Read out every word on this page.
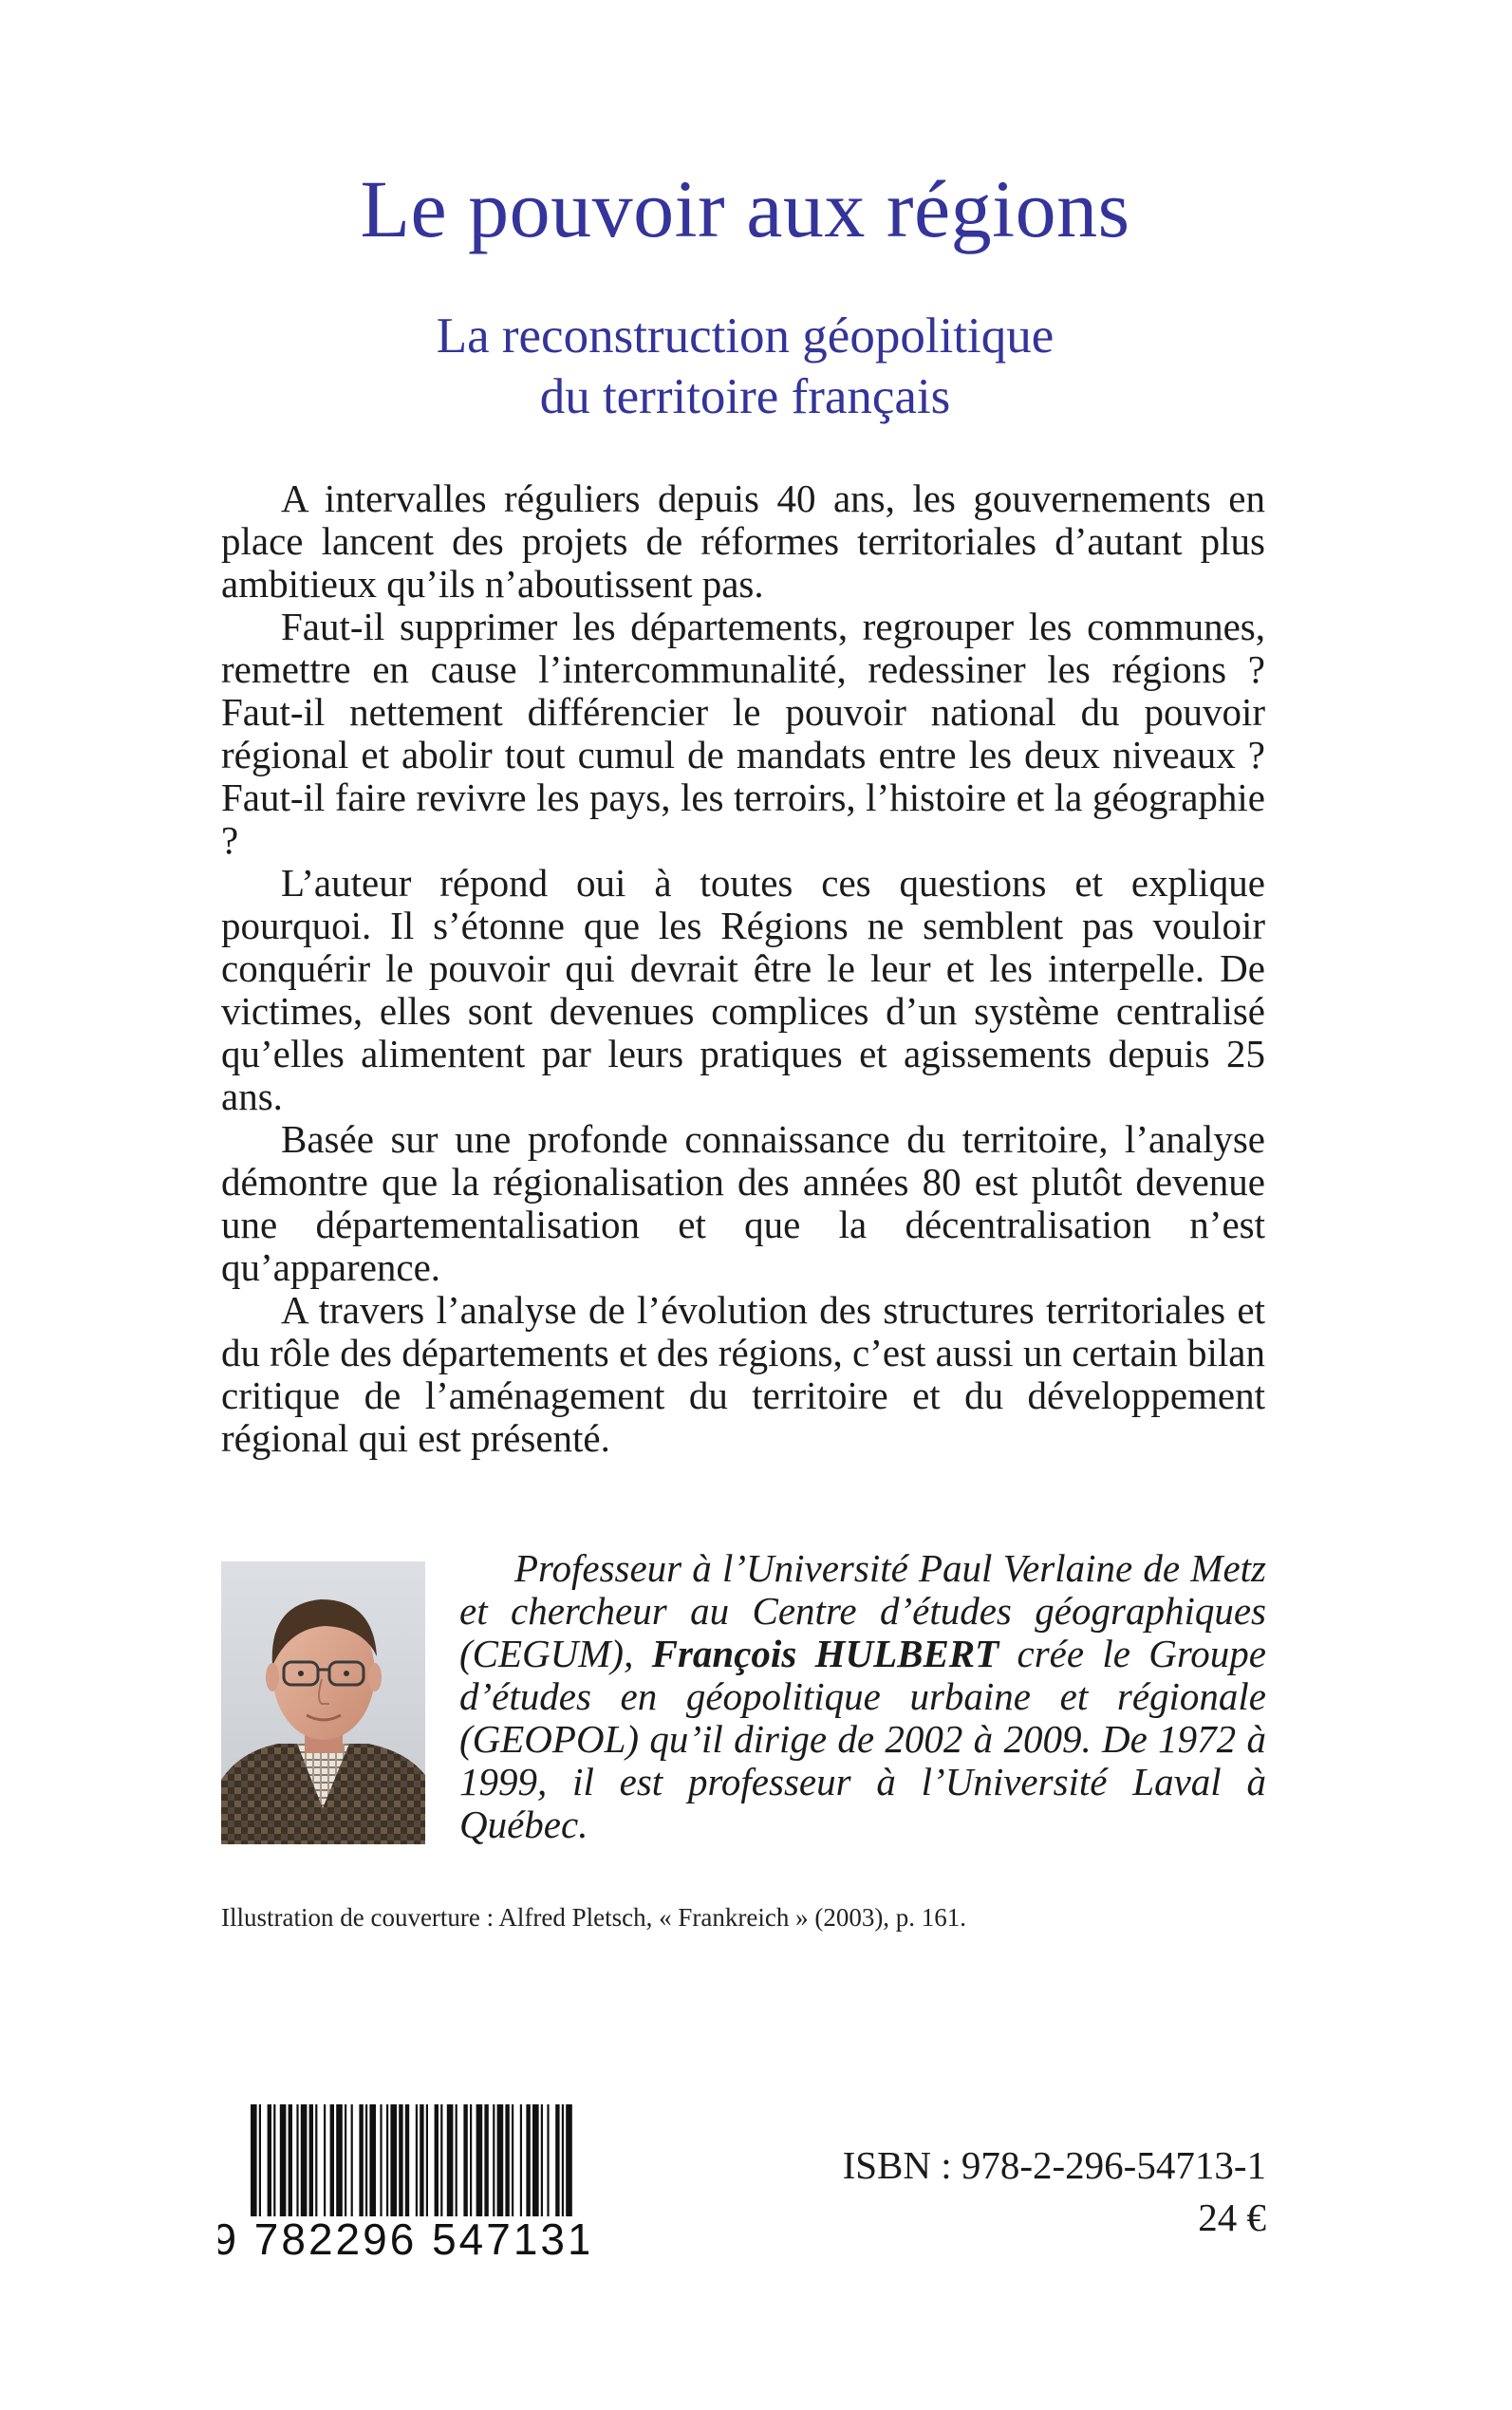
Le pouvoir aux régions
La reconstruction géopolitique
du territoire français

A intervalles réguliers depuis 40 ans, les gouvernements en place lancent des projets de réformes territoriales d’autant plus ambitieux qu’ils n’aboutissent pas.

Faut-il supprimer les départements, regrouper les communes, remettre en cause l’intercommunalité, redessiner les régions ? Faut-il nettement différencier le pouvoir national du pouvoir régional et abolir tout cumul de mandats entre les deux niveaux ? Faut-il faire revivre les pays, les terroirs, l’histoire et la géographie ?

L’auteur répond oui à toutes ces questions et explique pourquoi. Il s’étonne que les Régions ne semblent pas vouloir conquérir le pouvoir qui devrait être le leur et les interpelle. De victimes, elles sont devenues complices d’un système centralisé qu’elles alimentent par leurs pratiques et agissements depuis 25 ans.

Basée sur une profonde connaissance du territoire, l’analyse démontre que la régionalisation des années 80 est plutôt devenue une départementalisation et que la décentralisation n’est qu’apparence.

A travers l’analyse de l’évolution des structures territoriales et du rôle des départements et des régions, c’est aussi un certain bilan critique de l’aménagement du territoire et du développement régional qui est présenté.

Professeur à l’Université Paul Verlaine de Metz et chercheur au Centre d’études géographiques (CEGUM), François HULBERT crée le Groupe d’études en géopolitique urbaine et régionale (GEOPOL) qu’il dirige de 2002 à 2009. De 1972 à 1999, il est professeur à l’Université Laval à Québec.

Illustration de couverture : Alfred Pletsch, « Frankreich » (2003), p. 161.

9 782296 547131

ISBN : 978-2-296-54713-1

24 €
